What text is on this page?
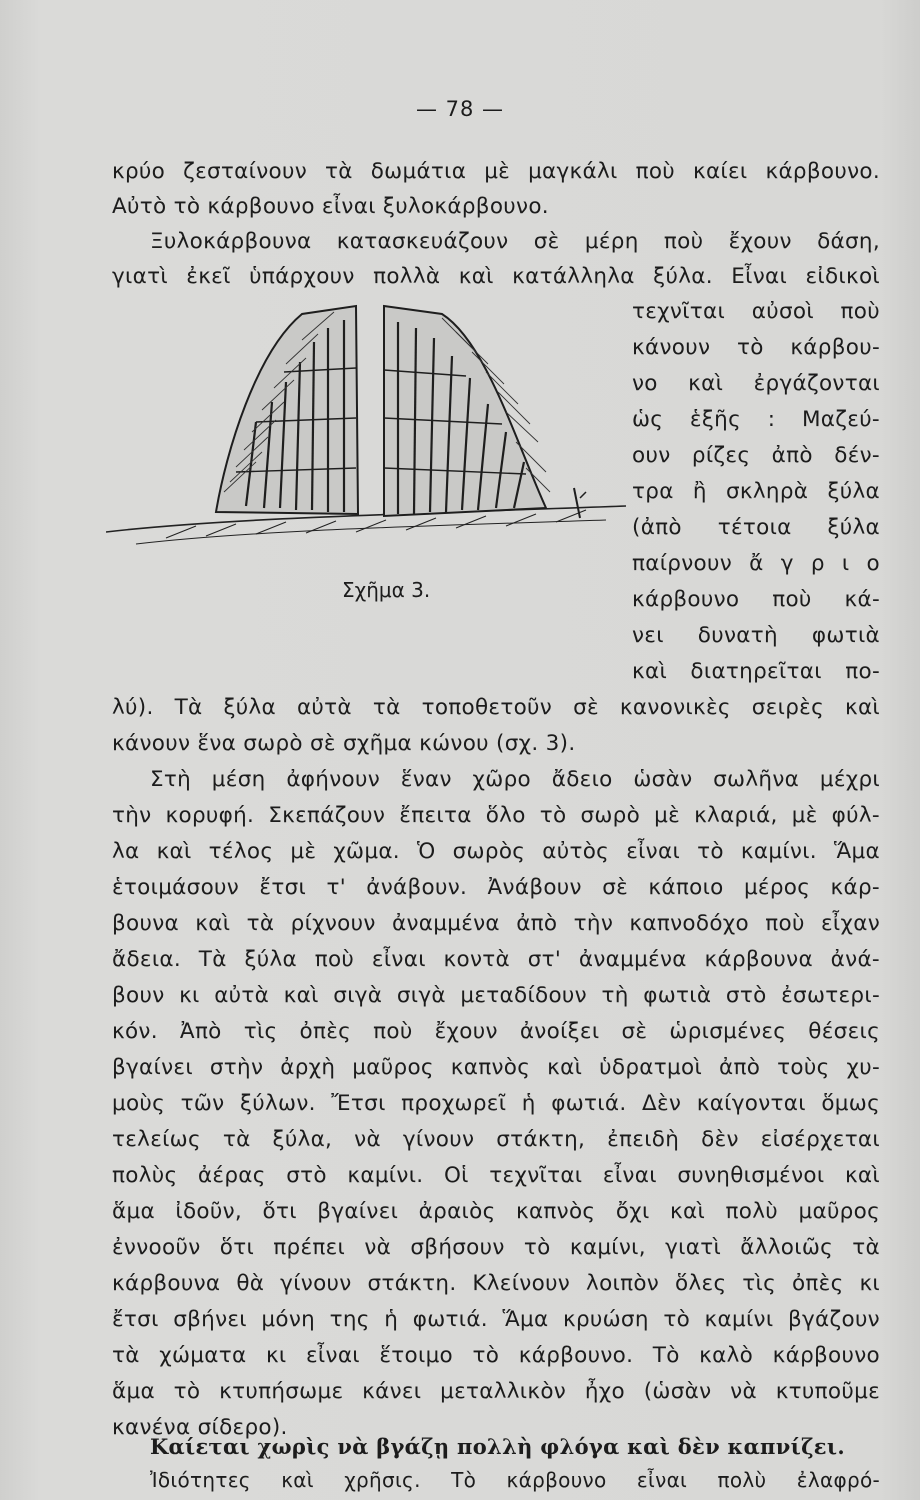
— 78 —
Σχῆμα 3.
κρύο ζεσταίνουν τὰ δωμάτια μὲ μαγκάλι ποὺ καίει κάρβουνο.
Αὐτὸ τὸ κάρβουνο εἶναι ξυλοκάρβουνο.
Ξυλοκάρβουνα κατασκευάζουν σὲ μέρη ποὺ ἔχουν δάση,
γιατὶ ἐκεῖ ὑπάρχουν πολλὰ καὶ κατάλληλα ξύλα. Εἶναι εἰδικοὶ
τεχνῖται αὐσοὶ ποὺ
κάνουν τὸ κάρβου-
νο καὶ ἐργάζονται
ὡς ἑξῆς : Μαζεύ-
ουν ρίζες ἀπὸ δέν-
τρα ἢ σκληρὰ ξύλα
(ἀπὸ τέτοια ξύλα
παίρνουν ἄ γ ρ ι ο
κάρβουνο ποὺ κά-
νει δυνατὴ φωτιὰ
καὶ διατηρεῖται πο-
λύ). Τὰ ξύλα αὐτὰ τὰ τοποθετοῦν σὲ κανονικὲς σειρὲς καὶ
κάνουν ἕνα σωρὸ σὲ σχῆμα κώνου (σχ. 3).
Στὴ μέση ἀφήνουν ἕναν χῶρο ἄδειο ὡσὰν σωλῆνα μέχρι
τὴν κορυφή. Σκεπάζουν ἔπειτα ὅλο τὸ σωρὸ μὲ κλαριά, μὲ φύλ-
λα καὶ τέλος μὲ χῶμα. Ὁ σωρὸς αὐτὸς εἶναι τὸ καμίνι. Ἅμα
ἑτοιμάσουν ἔτσι τ' ἀνάβουν. Ἀνάβουν σὲ κάποιο μέρος κάρ-
βουνα καὶ τὰ ρίχνουν ἀναμμένα ἀπὸ τὴν καπνοδόχο ποὺ εἶχαν
ἄδεια. Τὰ ξύλα ποὺ εἶναι κοντὰ στ' ἀναμμένα κάρβουνα ἀνά-
βουν κι αὐτὰ καὶ σιγὰ σιγὰ μεταδίδουν τὴ φωτιὰ στὸ ἐσωτερι-
κόν. Ἀπὸ τὶς ὀπὲς ποὺ ἔχουν ἀνοίξει σὲ ὡρισμένες θέσεις
βγαίνει στὴν ἀρχὴ μαῦρος καπνὸς καὶ ὑδρατμοὶ ἀπὸ τοὺς χυ-
μοὺς τῶν ξύλων. Ἔτσι προχωρεῖ ἡ φωτιά. Δὲν καίγονται ὅμως
τελείως τὰ ξύλα, νὰ γίνουν στάκτη, ἐπειδὴ δὲν εἰσέρχεται
πολὺς ἀέρας στὸ καμίνι. Οἱ τεχνῖται εἶναι συνηθισμένοι καὶ
ἅμα ἰδοῦν, ὅτι βγαίνει ἀραιὸς καπνὸς ὄχι καὶ πολὺ μαῦρος
ἐννοοῦν ὅτι πρέπει νὰ σβήσουν τὸ καμίνι, γιατὶ ἄλλοιῶς τὰ
κάρβουνα θὰ γίνουν στάκτη. Κλείνουν λοιπὸν ὅλες τὶς ὀπὲς κι
ἔτσι σβήνει μόνη της ἡ φωτιά. Ἅμα κρυώση τὸ καμίνι βγάζουν
τὰ χώματα κι εἶναι ἕτοιμο τὸ κάρβουνο. Τὸ καλὸ κάρβουνο
ἅμα τὸ κτυπήσωμε κάνει μεταλλικὸν ἦχο (ὡσὰν νὰ κτυποῦμε
κανένα σίδερο).
Καίεται χωρὶς νὰ βγάζῃ πολλὴ φλόγα καὶ δὲν καπνίζει.
Ἰδιότητες καὶ χρῆσις. Τὸ κάρβουνο εἶναι πολὺ ἐλαφρό-
